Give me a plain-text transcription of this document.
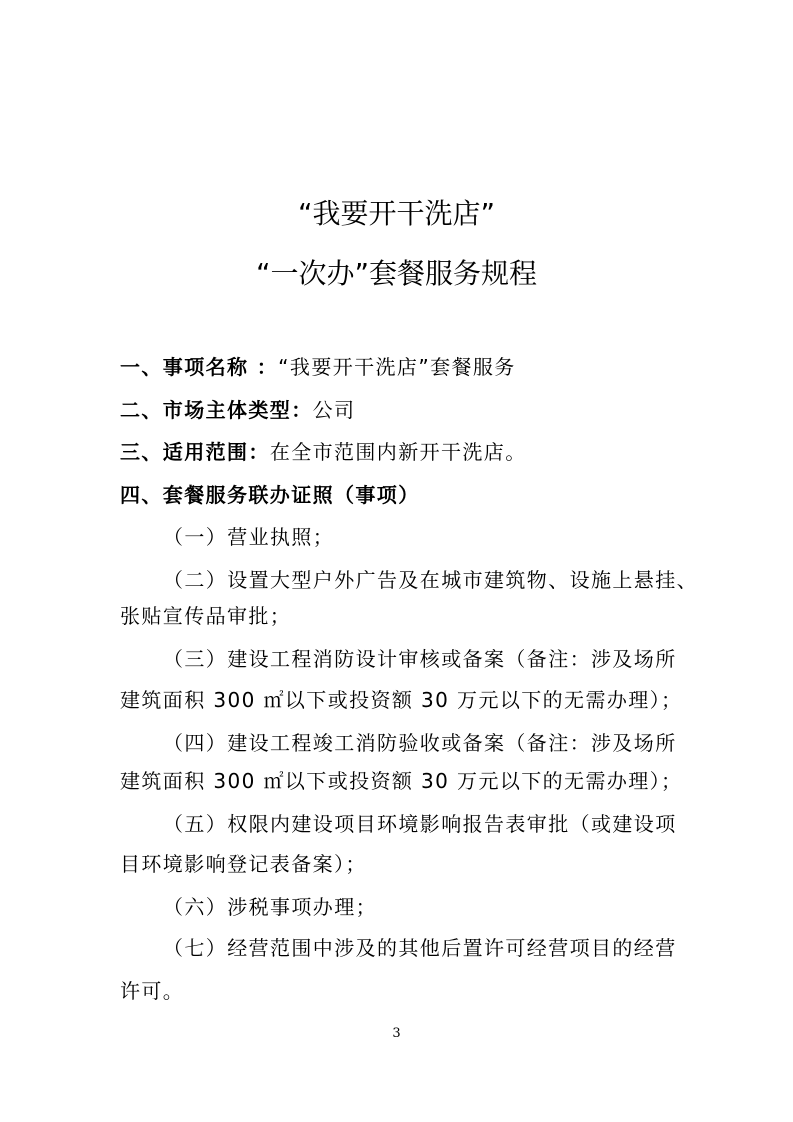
“我要开干洗店”
“一次办”套餐服务规程
一、事项名称 ：“我要开干洗店”套餐服务
二、市场主体类型：公司
三、适用范围：在全市范围内新开干洗店。
四、套餐服务联办证照（事项）
（一）营业执照；
（二）设置大型户外广告及在城市建筑物、设施上悬挂、
张贴宣传品审批；
（三）建设工程消防设计审核或备案（备注：涉及场所
建筑面积 300 ㎡以下或投资额 30 万元以下的无需办理）；
（四）建设工程竣工消防验收或备案（备注：涉及场所
建筑面积 300 ㎡以下或投资额 30 万元以下的无需办理）；
（五）权限内建设项目环境影响报告表审批（或建设项
目环境影响登记表备案）；
（六）涉税事项办理；
（七）经营范围中涉及的其他后置许可经营项目的经营
许可。
3
